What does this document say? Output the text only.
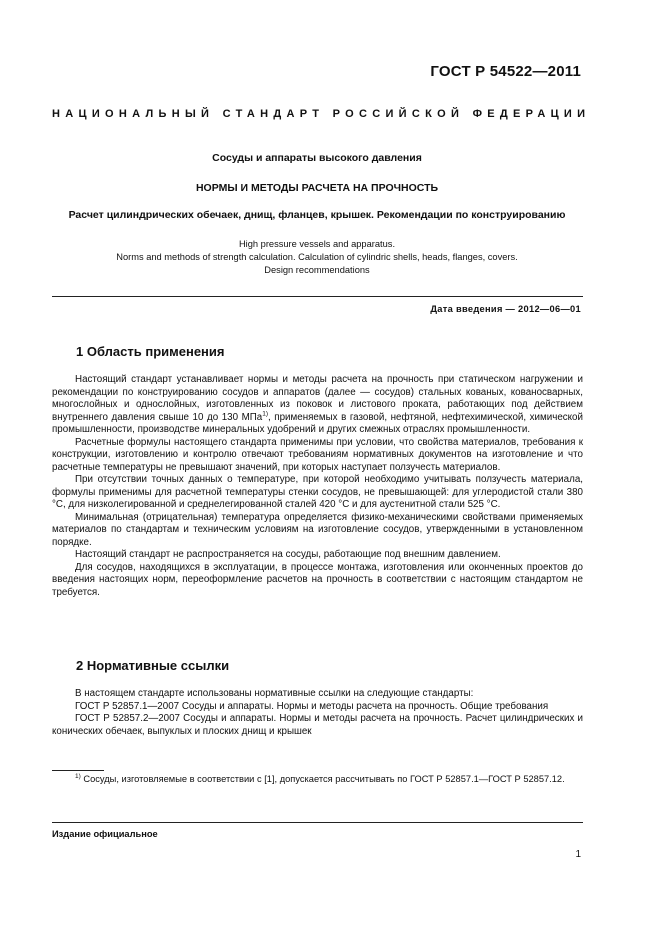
ГОСТ Р 54522—2011
НАЦИОНАЛЬНЫЙ СТАНДАРТ РОССИЙСКОЙ ФЕДЕРАЦИИ
Сосуды и аппараты высокого давления
НОРМЫ И МЕТОДЫ РАСЧЕТА НА ПРОЧНОСТЬ
Расчет цилиндрических обечаек, днищ, фланцев, крышек. Рекомендации по конструированию
High pressure vessels and apparatus.
Norms and methods of strength calculation. Calculation of cylindric shells, heads, flanges, covers.
Design recommendations
Дата введения — 2012—06—01
1 Область применения

Настоящий стандарт устанавливает нормы и методы расчета на прочность при статическом нагружении и рекомендации по конструированию сосудов и аппаратов (далее — сосудов) стальных кованых, кованосварных, многослойных и однослойных, изготовленных из поковок и листового проката, работающих под действием внутреннего давления свыше 10 до 130 МПа$^{1)}$, применяемых в газовой, нефтяной, нефтехимической, химической промышленности, производстве минеральных удобрений и других смежных отраслях промышленности.

Расчетные формулы настоящего стандарта применимы при условии, что свойства материалов, требования к конструкции, изготовлению и контролю отвечают требованиям нормативных документов на изготовление и что расчетные температуры не превышают значений, при которых наступает ползучесть материалов.

При отсутствии точных данных о температуре, при которой необходимо учитывать ползучесть материала, формулы применимы для расчетной температуры стенки сосудов, не превышающей: для углеродистой стали 380 °С, для низколегированной и среднелегированной сталей 420 °С и для аустенитной стали 525 °С.

Минимальная (отрицательная) температура определяется физико-механическими свойствами применяемых материалов по стандартам и техническим условиям на изготовление сосудов, утвержденными в установленном порядке.

Настоящий стандарт не распространяется на сосуды, работающие под внешним давлением.

Для сосудов, находящихся в эксплуатации, в процессе монтажа, изготовления или оконченных проектов до введения настоящих норм, переоформление расчетов на прочность в соответствии с настоящим стандартом не требуется.

2 Нормативные ссылки

В настоящем стандарте использованы нормативные ссылки на следующие стандарты:

ГОСТ Р 52857.1—2007 Сосуды и аппараты. Нормы и методы расчета на прочность. Общие требования

ГОСТ Р 52857.2—2007 Сосуды и аппараты. Нормы и методы расчета на прочность. Расчет цилиндрических и конических обечаек, выпуклых и плоских днищ и крышек

$^{1)}$ Сосуды, изготовляемые в соответствии с [1], допускается рассчитывать по ГОСТ Р 52857.1—ГОСТ Р 52857.12.

Издание официальное
1
